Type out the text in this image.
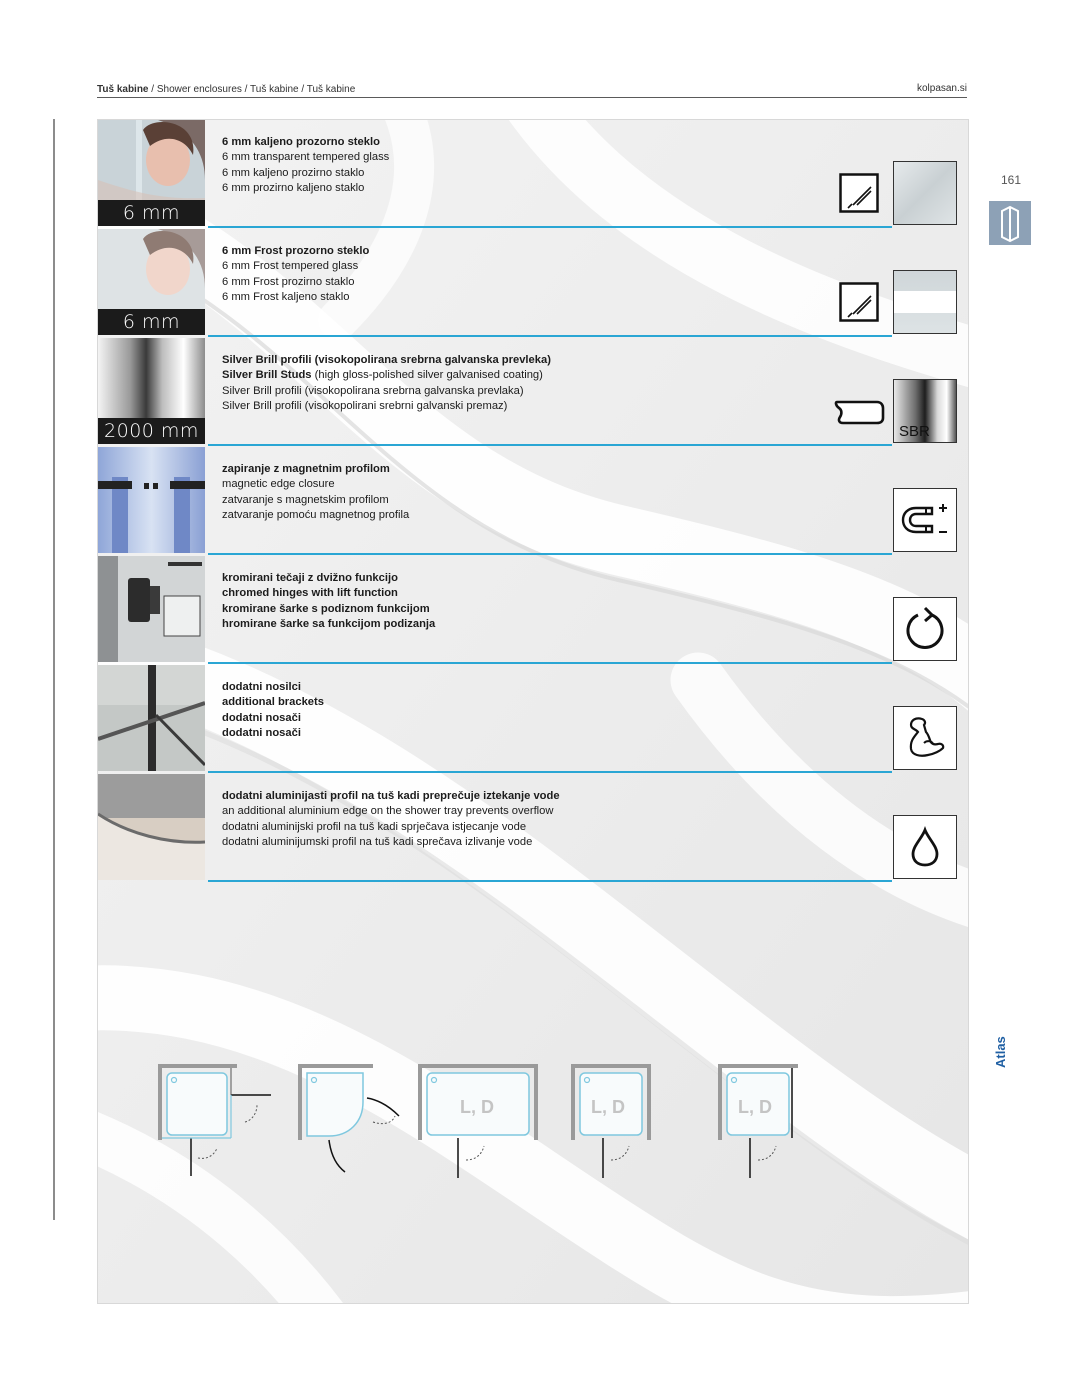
Tuš kabine / Shower enclosures / Tuš kabine / Tuš kabine	kolpasan.si
6 mm
6 mm kaljeno prozorno steklo
6 mm transparent tempered glass
6 mm kaljeno prozirno staklo
6 mm prozirno kaljeno staklo
6 mm
6 mm Frost prozorno steklo
6 mm Frost tempered glass
6 mm Frost prozirno staklo
6 mm Frost kaljeno staklo
2000 mm
Silver Brill profili (visokopolirana srebrna galvanska prevleka)
Silver Brill Studs (high gloss-polished silver galvanised coating)
Silver Brill profili (visokopolirana srebrna galvanska prevlaka)
Silver Brill profili (visokopolirani srebrni galvanski premaz)
SBR
zapiranje z magnetnim profilom
magnetic edge closure
zatvaranje s magnetskim profilom
zatvaranje pomoću magnetnog profila
kromirani tečaji z dvižno funkcijo
chromed hinges with lift function
kromirane šarke s podiznom funkcijom
hromirane šarke sa funkcijom podizanja
dodatni nosilci
additional brackets
dodatni nosači
dodatni nosači
dodatni aluminijasti profil na tuš kadi preprečuje iztekanje vode
an additional aluminium edge on the shower tray prevents overflow
dodatni aluminijski profil na tuš kadi sprječava istjecanje vode
dodatni aluminijumski profil na tuš kadi sprečava izlivanje vode
L, D	L, D	L, D
161
Atlas
